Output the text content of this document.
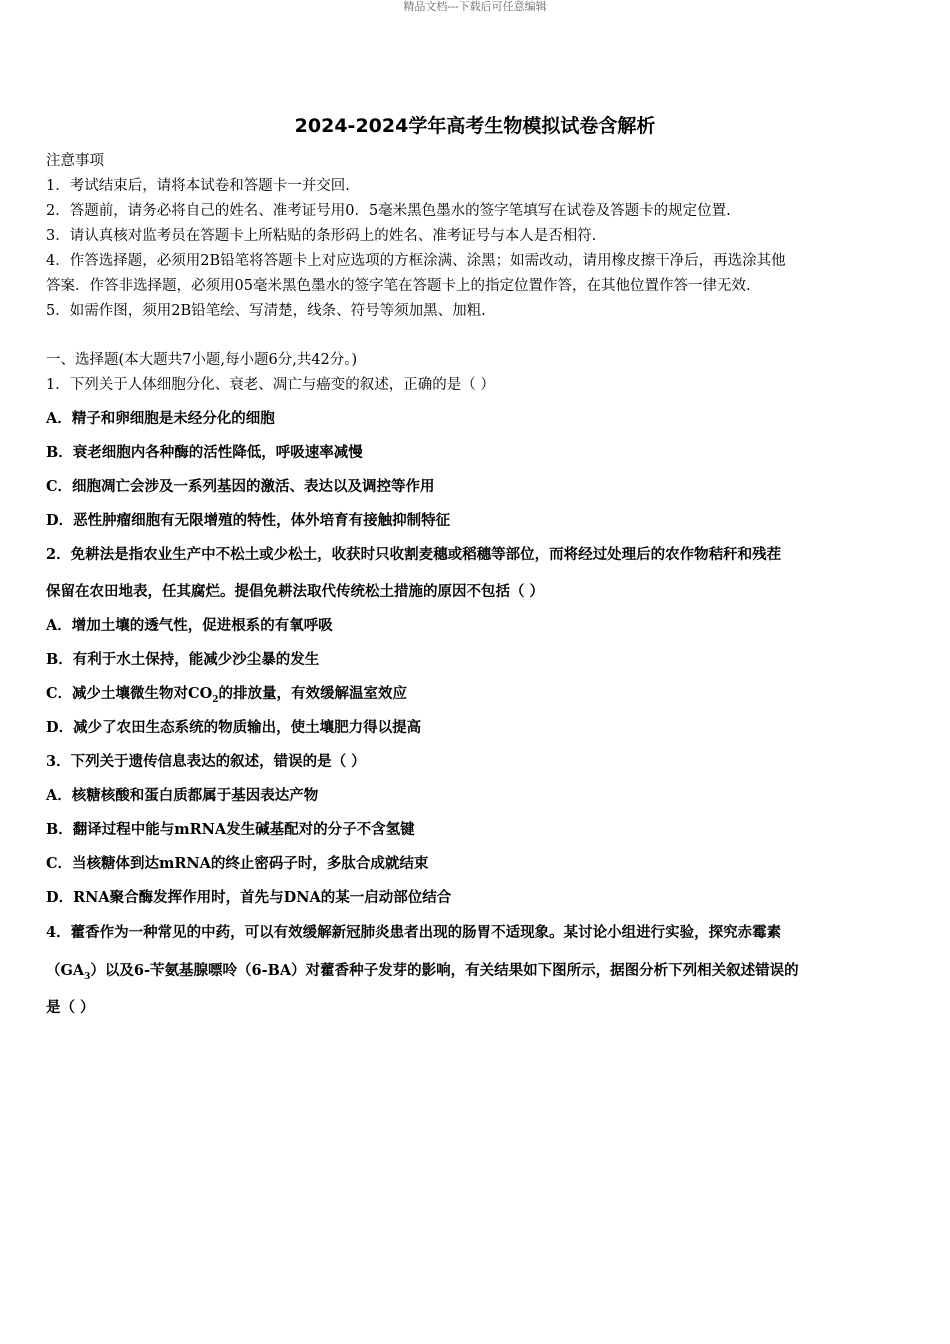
精品文档---下载后可任意编辑
2024-2024学年高考生物模拟试卷含解析
注意事项
1．考试结束后，请将本试卷和答题卡一并交回.
2．答题前，请务必将自己的姓名、准考证号用0．5毫米黑色墨水的签字笔填写在试卷及答题卡的规定位置.
3．请认真核对监考员在答题卡上所粘贴的条形码上的姓名、准考证号与本人是否相符.
4．作答选择题，必须用2B铅笔将答题卡上对应选项的方框涂满、涂黑；如需改动，请用橡皮擦干净后，再选涂其他
答案．作答非选择题，必须用05毫米黑色墨水的签字笔在答题卡上的指定位置作答，在其他位置作答一律无效.
5．如需作图，须用2B铅笔绘、写清楚，线条、符号等须加黑、加粗.
一、选择题(本大题共7小题,每小题6分,共42分。)
1．下列关于人体细胞分化、衰老、凋亡与癌变的叙述，正确的是（ ）
A．精子和卵细胞是未经分化的细胞
B．衰老细胞内各种酶的活性降低，呼吸速率减慢
C．细胞凋亡会涉及一系列基因的激活、表达以及调控等作用
D．恶性肿瘤细胞有无限增殖的特性，体外培育有接触抑制特征
2．免耕法是指农业生产中不松土或少松土，收获时只收割麦穗或稻穗等部位，而将经过处理后的农作物秸秆和残茬
保留在农田地表，任其腐烂。提倡免耕法取代传统松土措施的原因不包括（ ）
A．增加土壤的透气性，促进根系的有氧呼吸
B．有利于水土保持，能减少沙尘暴的发生
C．减少土壤微生物对$CO_2$的排放量，有效缓解温室效应
D．减少了农田生态系统的物质输出，使土壤肥力得以提高
3．下列关于遗传信息表达的叙述，错误的是（ ）
A．核糖核酸和蛋白质都属于基因表达产物
B．翻译过程中能与mRNA发生碱基配对的分子不含氢键
C．当核糖体到达mRNA的终止密码子时，多肽合成就结束
D．RNA聚合酶发挥作用时，首先与DNA的某一启动部位结合
4．藿香作为一种常见的中药，可以有效缓解新冠肺炎患者出现的肠胃不适现象。某讨论小组进行实验，探究赤霉素
$(GA_3)$以及6-苄氨基腺嘌呤（6-BA）对藿香种子发芽的影响，有关结果如下图所示，据图分析下列相关叙述错误的
是（ ）
